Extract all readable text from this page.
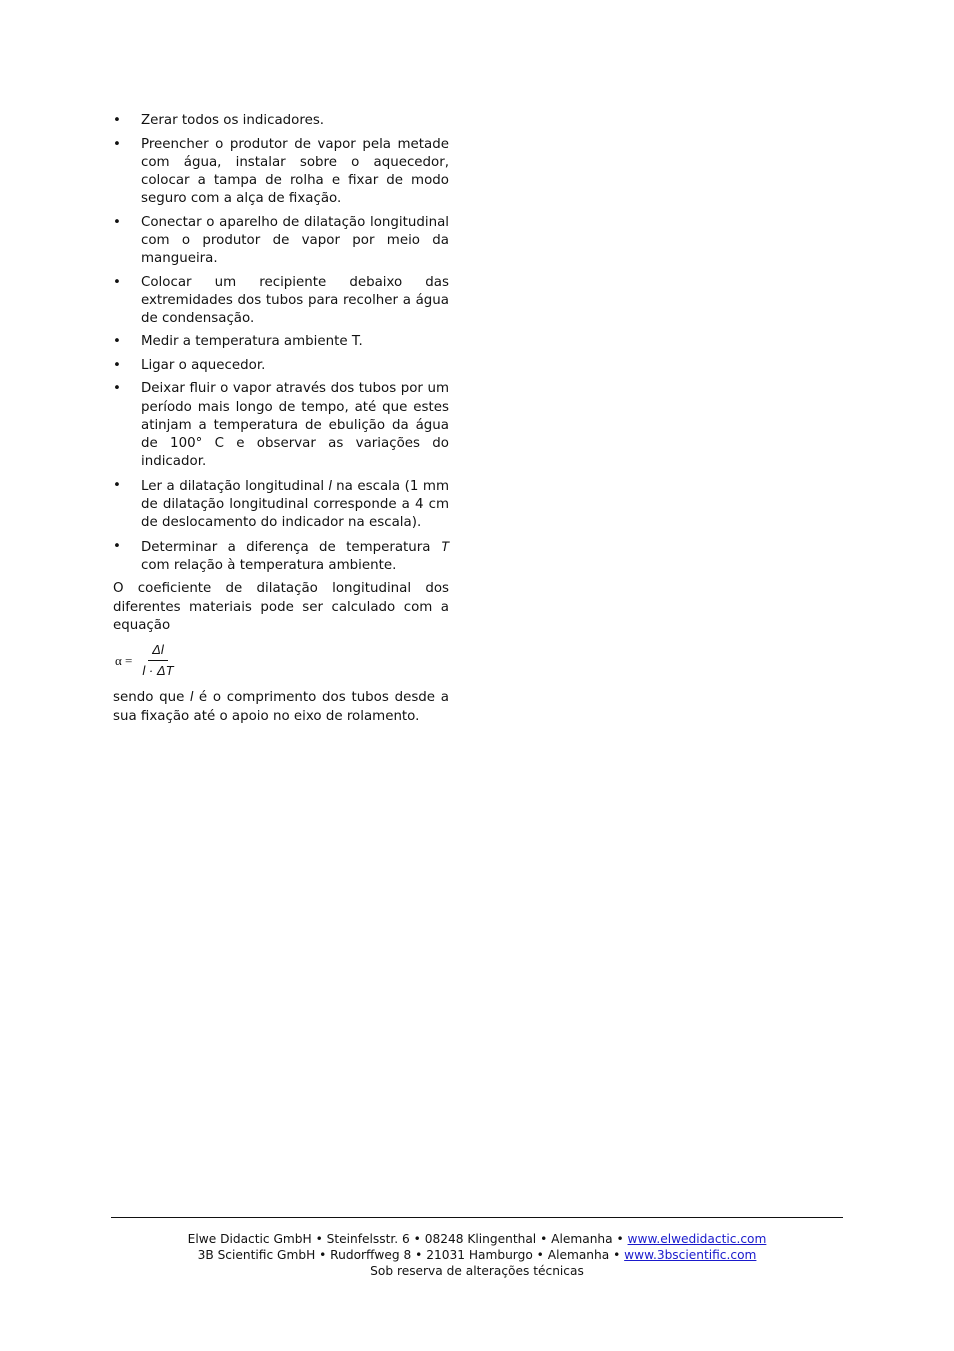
•	Zerar todos os indicadores.
•	Preencher o produtor de vapor pela metade com água, instalar sobre o aquecedor, colocar a tampa de rolha e fixar de modo seguro com a alça de fixação.
•	Conectar o aparelho de dilatação longitudinal com o produtor de vapor por meio da mangueira.
•	Colocar um recipiente debaixo das extremidades dos tubos para recolher a água de condensação.
•	Medir a temperatura ambiente T.
•	Ligar o aquecedor.
•	Deixar fluir o vapor através dos tubos por um período mais longo de tempo, até que estes atinjam a temperatura de ebulição da água de 100° C e observar as variações do indicador.
•	Ler a dilatação longitudinal l na escala (1 mm de dilatação longitudinal corresponde a 4 cm de deslocamento do indicador na escala).
•	Determinar a diferença de temperatura T com relação à temperatura ambiente.

O coeficiente de dilatação longitudinal dos diferentes materiais pode ser calculado com a equação

$\alpha = \frac{\Delta l}{l \cdot \Delta T}$

sendo que l é o comprimento dos tubos desde a sua fixação até o apoio no eixo de rolamento.

Elwe Didactic GmbH • Steinfelsstr. 6 • 08248 Klingenthal • Alemanha • www.elwedidactic.com
3B Scientific GmbH • Rudorffweg 8 • 21031 Hamburgo • Alemanha • www.3bscientific.com
Sob reserva de alterações técnicas
